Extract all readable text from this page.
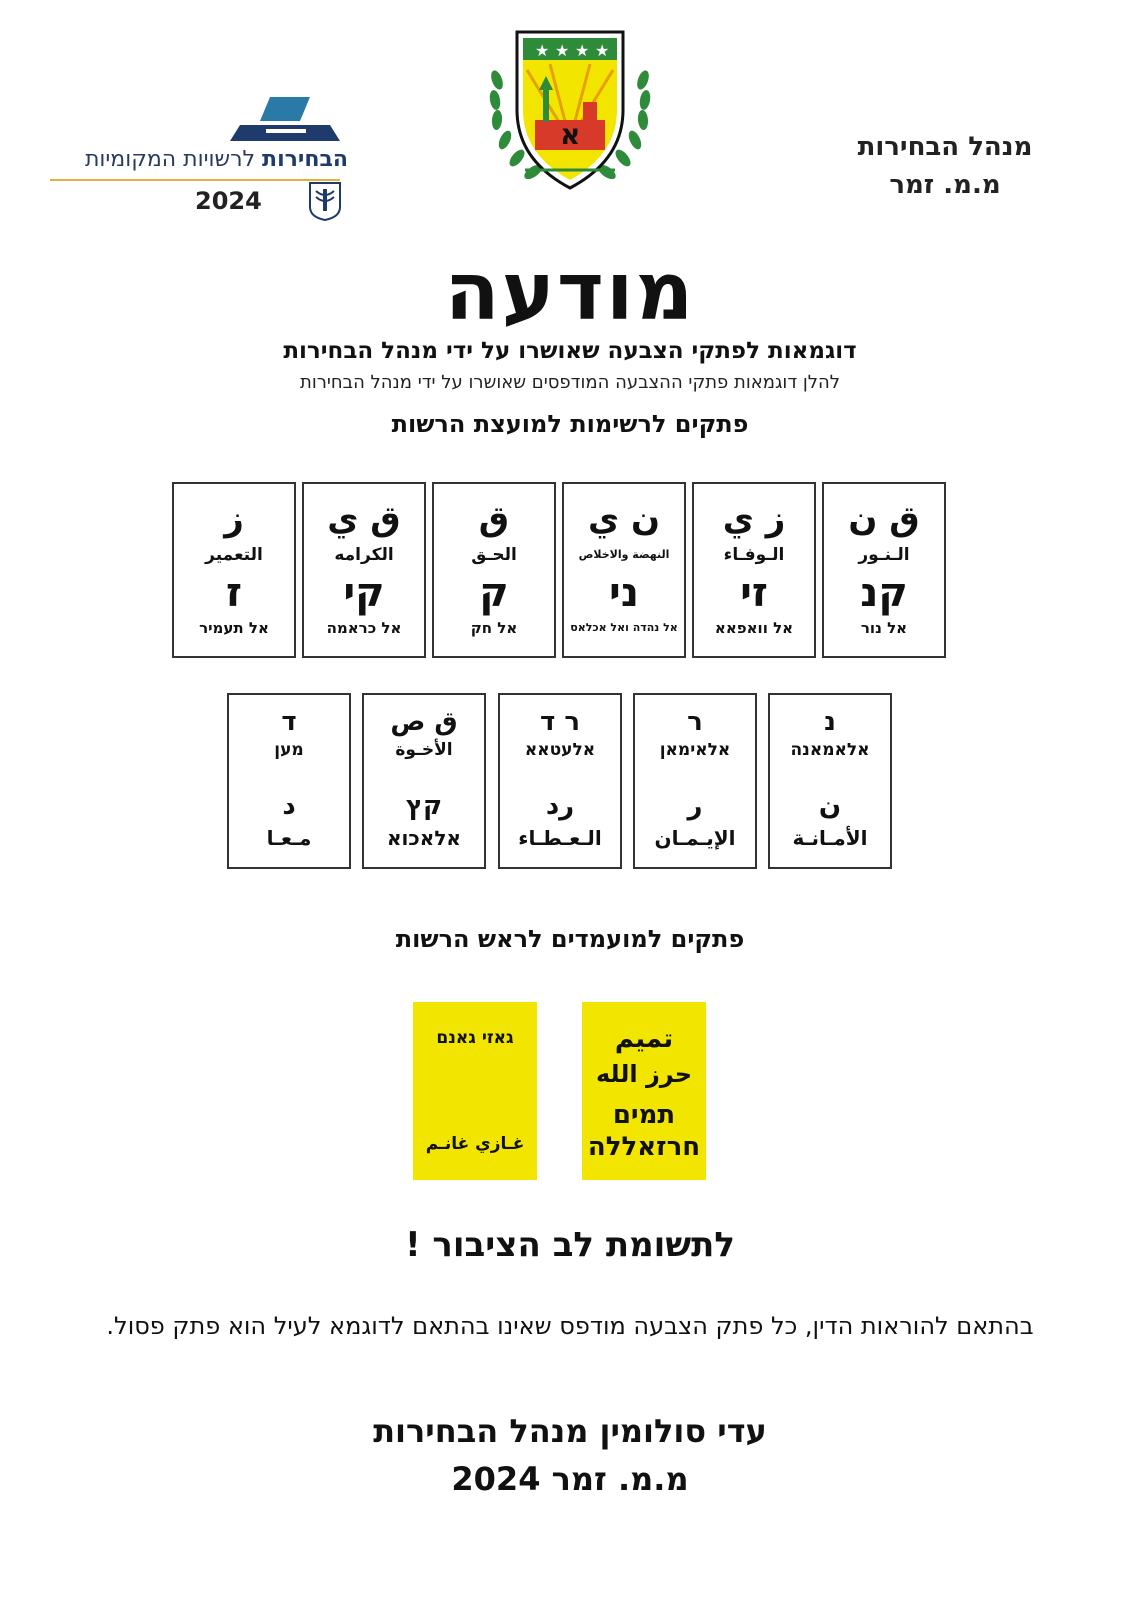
מנהל הבחירות
מ.מ. זמר
★ ★ ★ ★
א
הבחירות לרשויות המקומיות
2024
מודעה
דוגמאות לפתקי הצבעה שאושרו על ידי מנהל הבחירות
להלן דוגמאות פתקי ההצבעה המודפסים שאושרו על ידי מנהל הבחירות
פתקים לרשימות למועצת הרשות
ق ن
الـنـور
קנ
אל נור
ز ي
الـوفـاء
זי
אל וואפאא
ن ي
النهضة والاخلاص
ני
אל נהדה ואל אכלאס
ق
الحـق
ק
אל חק
ق ي
الكرامه
קי
אל כראמה
ز
التعمير
ז
אל תעמיר
נ
אלאמאנה
ن
الأمـانـة
ר
אלאימאן
ر
الإيـمـان
ר ד
אלעטאא
رد
الـعـطـاء
ق ص
الأخـوة
קץ
אלאכוא
ד
מען
د
مـعـا
פתקים למועמדים לראש הרשות
تميم
حرز الله
תמים
חרזאללה
גאזי גאנם
غـازي غانـم
לתשומת לב הציבור !
בהתאם להוראות הדין, כל פתק הצבעה מודפס שאינו בהתאם לדוגמא לעיל הוא פתק פסול.
עדי סולומין מנהל הבחירות
מ.מ. זמר 2024
